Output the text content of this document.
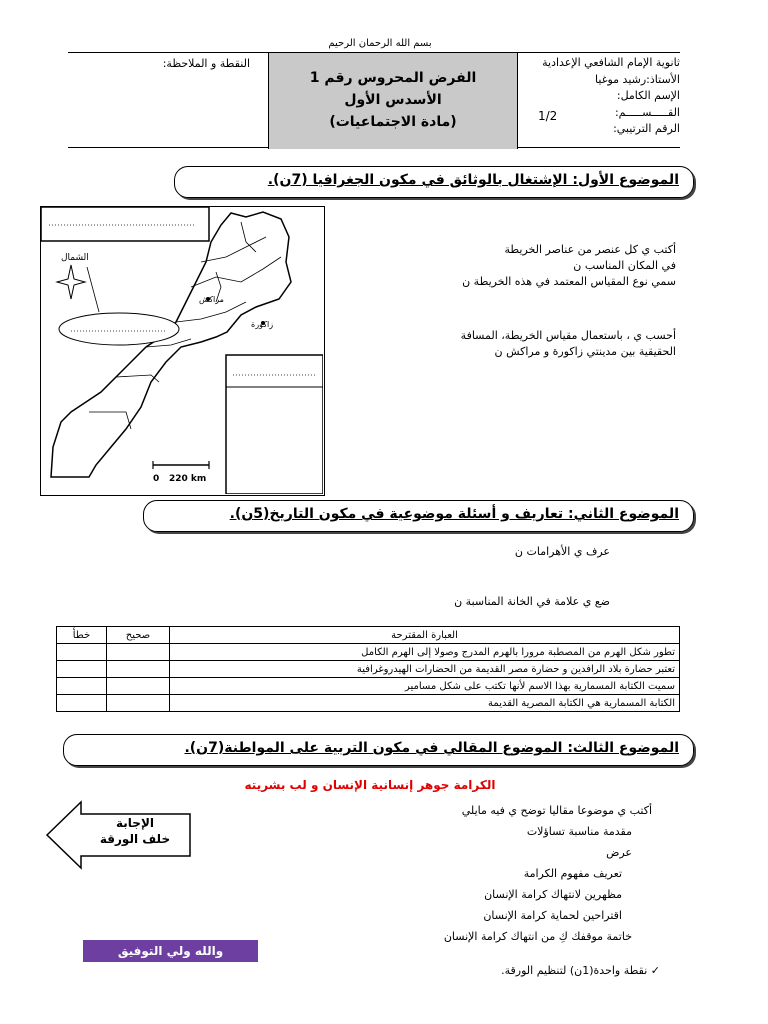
بسم الله الرحمان الرحيم
النقطة و الملاحظة:
الفرض المحروس رقم 1
الأسدس الأول
(مادة الاجتماعيات)
ثانوية الإمام الشافعي الإعدادية
الأستاذ:رشيد موغيا
الإسم الكامل:
القـــــســـــم:
الرقم الترتيبي:
1/2
الموضوع الأول: الإشتغال بالوثائق في مكون الجغرافيا (7ن).
مراكش
زاكورة
الشمال
0 220 km
أكتب ي كل عنصر من عناصر الخريطة
في المكان المناسب ن
سمي نوع المقياس المعتمد في هذه الخريطة ن
أحسب ي ، باستعمال مقياس الخريطة، المسافة
الحقيقية بين مدينتي زاكورة و مراكش ن
الموضوع الثاني: تعاريف و أسئلة موضوعية في مكون التاريخ(5ن).
عرف ي الأهرامات ن
ضع ي علامة في الخانة المناسبة ن
العبارة المقترحة	صحيح	خطأ
تطور شكل الهرم من المصطبة مرورا بالهرم المدرج وصولا إلى الهرم الكامل		
تعتبر حضارة بلاد الرافدين و حضارة مصر القديمة من الحضارات الهيدروغرافية		
سميت الكتابة المسمارية بهذا الاسم لأنها تكتب على شكل مسامير		
الكتابة المسمارية هي الكتابة المصرية القديمة		
الموضوع الثالث: الموضوع المقالي في مكون التربية على المواطنة(7ن).
الكرامة جوهر إنسانية الإنسان و لب بشريته
الإجابة
خلف الورقة
أكتب ي موضوعا مقاليا توضح ي فيه مايلي
مقدمة مناسبة تساؤلات
عرض
تعريف مفهوم الكرامة
مظهرين لانتهاك كرامة الإنسان
اقتراحين لحماية كرامة الإنسان
خاتمة موقفك كِ من انتهاك كرامة الإنسان
والله ولي التوفيق
✓ نقطة واحدة(1ن) لتنظيم الورقة.
